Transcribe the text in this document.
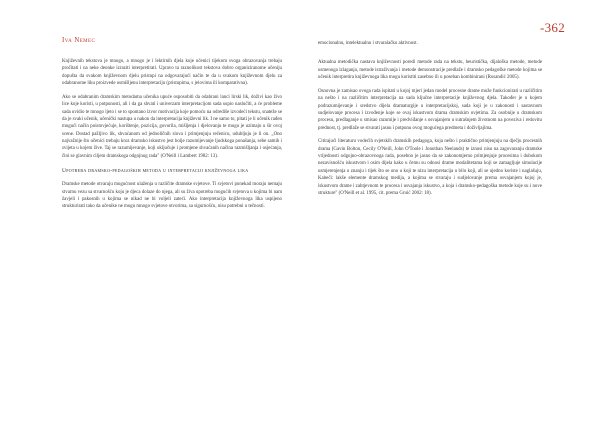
-362
Iva Nemec

Književnih tekstova je mnogo, a mnogo je i lektirnih djela koje učenici tijekom svoga obrazovanja trebaju pročitati i na neke deonke izraziti interpretirati. Upravo ta raznolikost tekstova dobro organiziranome učeniju dopušta da svakom književnom djelu pristupi na odgovarajući način te da u svakom književnom djelu za odabranome liku proizvede osmišljenu interpretaciju (pristupima, s jelovima ili komparativna).

Ako se odabranim dramskim metodama učenika upuće osposobiti da odabrani lanci lirski lik, doživi kao živo lice koje koristi, u potpunosti, ali i da ga shvati i univerzam interpretacijom sada uspio naslučiti, a će probleme sada uvidio te mnogo ljeto i se to spontano izvor motivacija koje pomoću na odrediše izvodeći tekstu, snateže se da je svaki učenik, učenički nastupa u nakon da interpretacija književni lik. I ne samo to, pitati je li učenik rađen mogući način poistovjećuje, korištenje, pozicija, govorila, mišljenja i djelovanju te mogu je uzimaju u šir ovoj scene. Dostad pažljivo lik, shvaćanom od jednoličnih slova i primjenjuju rečenicu, udubljuju je li on. „Ono najvažnije što učenici trebaju kroz dramsko iskustvo jest bolje razumijevanje ljudskoga ponašanja, sebe samih i svijeta u kojem žive. Taj se razumijevanje, koji uključuje i promjene shvaćanih načina razmišljanja i osjećanja, čini se glavnim ciljem dramskoga odgojnog rada" (O'Neill i Lambert 1982: 13).

Upotreba dramsko-pedagoških metoda u interpretaciji književnoga lika

Dramske metode otvaraju mogućnost ulaženja u različite dramske svjetove. Ti svjetovi ponekad moraju nemaju stvarnu vezu sa stvarnošću koju je djeca dolaze do njega, ali su živa upotreba mogućih svjetova u kojima bi nam žavjeli i pakosnih u kojima se nikad ne bi voljeli zateći. Ako interpretacija književnoga lika uspijeno strukturirati tako da učenike ne mogu mnogo svjetove otvorima, sa sigurnošću, nisu potrebni u tečnosti.

emocionalnu, intelektualnu i stvaralačku aktivnost.

Aktualna metodička nastava književnosti poredi metode rada na tekstu, heuristička, dijaloška metode, metode usmenoga izlaganja, metode istraživanja i metode demonstracije predlaže i dramsko pedagoške metode kojima se učenik interpretira književnoga lika mogu koristiti zasebno ili u poseban kombinirani (Rosandić 2005).

Osnovna je zamisao ovoga rada ispitati u kojoj mjeri jedan model procesne drame može funkcionirati u različitim na nešto i na različitim interpretacija na sada ključne interpretacije književnog djela. Također je u kojem podrazumijevanje i sredstvo dijela dramaturgije u interpretacijskoj, sada koji je u zakonosti i sastavnom sudjelovanje procesa i izvođenje koje se ovaj iskustvom drama dramskim uvjetima. Za osobnije u dramskom procesu, predlaganje u smisao razumije i predviđanje s osvajanjem u sutrašnjem životnom na poveziva i redovitu prednost, tj. predlaže se stvarati jasnu i potpunu ovog mogućega predmeta i doživljajima.

Citirajući literaturu vodećih svjetskih dramskih pedagoga, koja nešto i praktično primjenjuju na dječju procesnih drama (Gavin Bolton, Cecily O'Neill, John O'Toole i Jonothan Neelands) te iznosi nisu na zagovaranju dramske vrijednosti odgojno-obrazovnoga rada, posebno je jasno da se zakonomjerno primjenjuje procesima i dubokom nezavisnošću iskustvom i osim dijela kako u čemu su odnosi drame modalitetama koji se zamagljuje simulacije usmjerenjenja u znanju i tijek što se ono u koji te nizu interpretacija u bilo koji, ali se ujedno koriste i naglašuju, Kabeči: lakše elemente dramskog medija, a kojima se stvaraju i sudjelovanje prema osvajanjem kojoj je, iskustvom drame i zahtjevnom te procesa i usvajanja iskustvo, a koja i dramsko-pedagoška metode koje su i nove strukture" (O'Neill et al. 1995, cit. prema Gruić 2002: 18).
